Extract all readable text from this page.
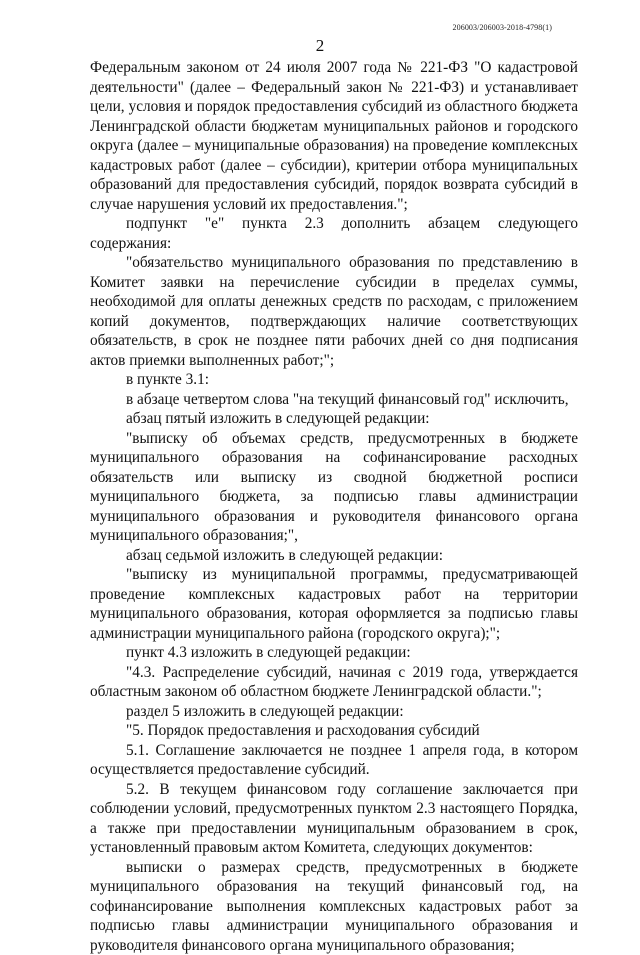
206003/206003-2018-4798(1)
2

Федеральным законом от 24 июля 2007 года № 221-ФЗ "О кадастровой деятельности" (далее – Федеральный закон № 221-ФЗ) и устанавливает цели, условия и порядок предоставления субсидий из областного бюджета Ленинградской области бюджетам муниципальных районов и городского округа (далее – муниципальные образования) на проведение комплексных кадастровых работ (далее – субсидии), критерии отбора муниципальных образований для предоставления субсидий, порядок возврата субсидий в случае нарушения условий их предоставления.";

подпункт "е" пункта 2.3 дополнить абзацем следующего содержания:

"обязательство муниципального образования по представлению в Комитет заявки на перечисление субсидии в пределах суммы, необходимой для оплаты денежных средств по расходам, с приложением копий документов, подтверждающих наличие соответствующих обязательств, в срок не позднее пяти рабочих дней со дня подписания актов приемки выполненных работ;";

в пункте 3.1:

в абзаце четвертом слова "на текущий финансовый год" исключить,

абзац пятый изложить в следующей редакции:

"выписку об объемах средств, предусмотренных в бюджете муниципального образования на софинансирование расходных обязательств или выписку из сводной бюджетной росписи муниципального бюджета, за подписью главы администрации муниципального образования и руководителя финансового органа муниципального образования;",

абзац седьмой изложить в следующей редакции:

"выписку из муниципальной программы, предусматривающей проведение комплексных кадастровых работ на территории муниципального образования, которая оформляется за подписью главы администрации муниципального района (городского округа);";

пункт 4.3 изложить в следующей редакции:

"4.3. Распределение субсидий, начиная с 2019 года, утверждается областным законом об областном бюджете Ленинградской области.";

раздел 5 изложить в следующей редакции:

"5. Порядок предоставления и расходования субсидий

5.1. Соглашение заключается не позднее 1 апреля года, в котором осуществляется предоставление субсидий.

5.2. В текущем финансовом году соглашение заключается при соблюдении условий, предусмотренных пунктом 2.3 настоящего Порядка, а также при предоставлении муниципальным образованием в срок, установленный правовым актом Комитета, следующих документов:

выписки о размерах средств, предусмотренных в бюджете муниципального образования на текущий финансовый год, на софинансирование выполнения комплексных кадастровых работ за подписью главы администрации муниципального образования и руководителя финансового органа муниципального образования;
